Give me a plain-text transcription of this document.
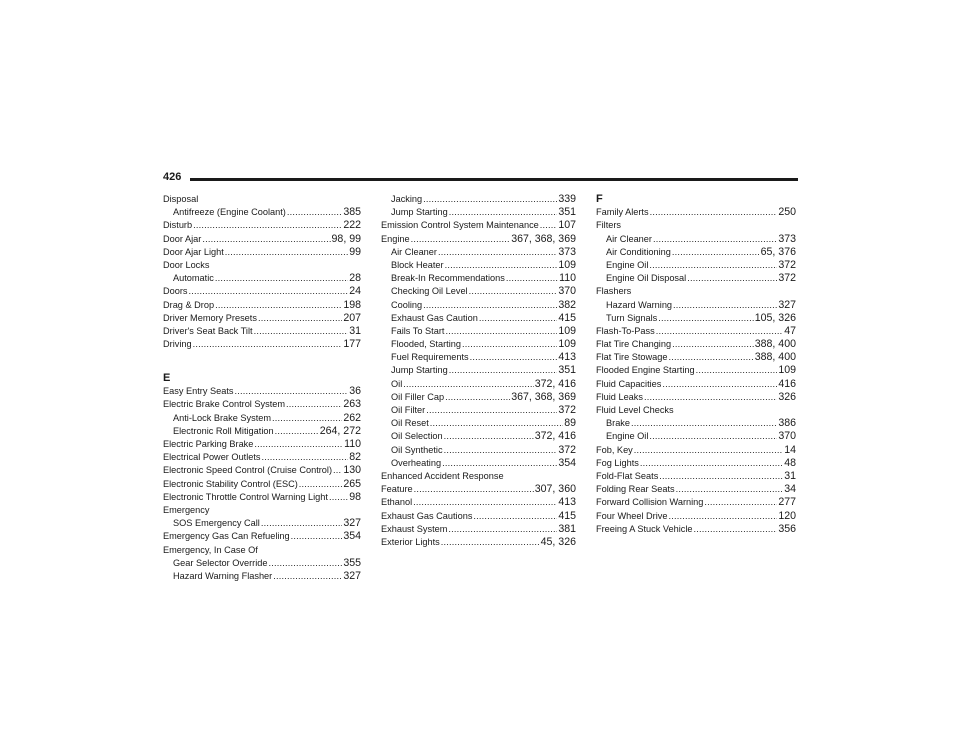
426
Disposal
Antifreeze (Engine Coolant) .....	385
Disturb .....	222
Door Ajar .....	98, 99
Door Ajar Light .....	99
Door Locks
Automatic .....	28
Doors .....	24
Drag & Drop .....	198
Driver Memory Presets .....	207
Driver's Seat Back Tilt .....	31
Driving .....	177
E
Easy Entry Seats .....	36
Electric Brake Control System .....	263
Anti-Lock Brake System .....	262
Electronic Roll Mitigation .....	264, 272
Electric Parking Brake .....	110
Electrical Power Outlets .....	82
Electronic Speed Control (Cruise Control) ..... 130
Electronic Stability Control (ESC) .....	265
Electronic Throttle Control Warning Light ..... 98
Emergency
SOS Emergency Call .....	327
Emergency Gas Can Refueling .....	354
Emergency, In Case Of
Gear Selector Override .....	355
Hazard Warning Flasher .....	327
Jacking .....	339
Jump Starting .....	351
Emission Control System Maintenance ..... 107
Engine .....	367, 368, 369
Air Cleaner .....	373
Block Heater .....	109
Break-In Recommendations .....	110
Checking Oil Level .....	370
Cooling .....	382
Exhaust Gas Caution .....	415
Fails To Start .....	109
Flooded, Starting .....	109
Fuel Requirements .....	413
Jump Starting .....	351
Oil .....	372, 416
Oil Filler Cap .....	367, 368, 369
Oil Filter .....	372
Oil Reset .....	89
Oil Selection .....	372, 416
Oil Synthetic .....	372
Overheating .....	354
Enhanced Accident Response
Feature .....	307, 360
Ethanol .....	413
Exhaust Gas Cautions .....	415
Exhaust System .....	381
Exterior Lights .....	45, 326
F
Family Alerts .....	250
Filters
Air Cleaner .....	373
Air Conditioning .....	65, 376
Engine Oil .....	372
Engine Oil Disposal .....	372
Flashers
Hazard Warning .....	327
Turn Signals .....	105, 326
Flash-To-Pass .....	47
Flat Tire Changing .....	388, 400
Flat Tire Stowage .....	388, 400
Flooded Engine Starting .....	109
Fluid Capacities .....	416
Fluid Leaks .....	326
Fluid Level Checks
Brake .....	386
Engine Oil .....	370
Fob, Key .....	14
Fog Lights .....	48
Fold-Flat Seats .....	31
Folding Rear Seats .....	34
Forward Collision Warning .....	277
Four Wheel Drive .....	120
Freeing A Stuck Vehicle .....	356
